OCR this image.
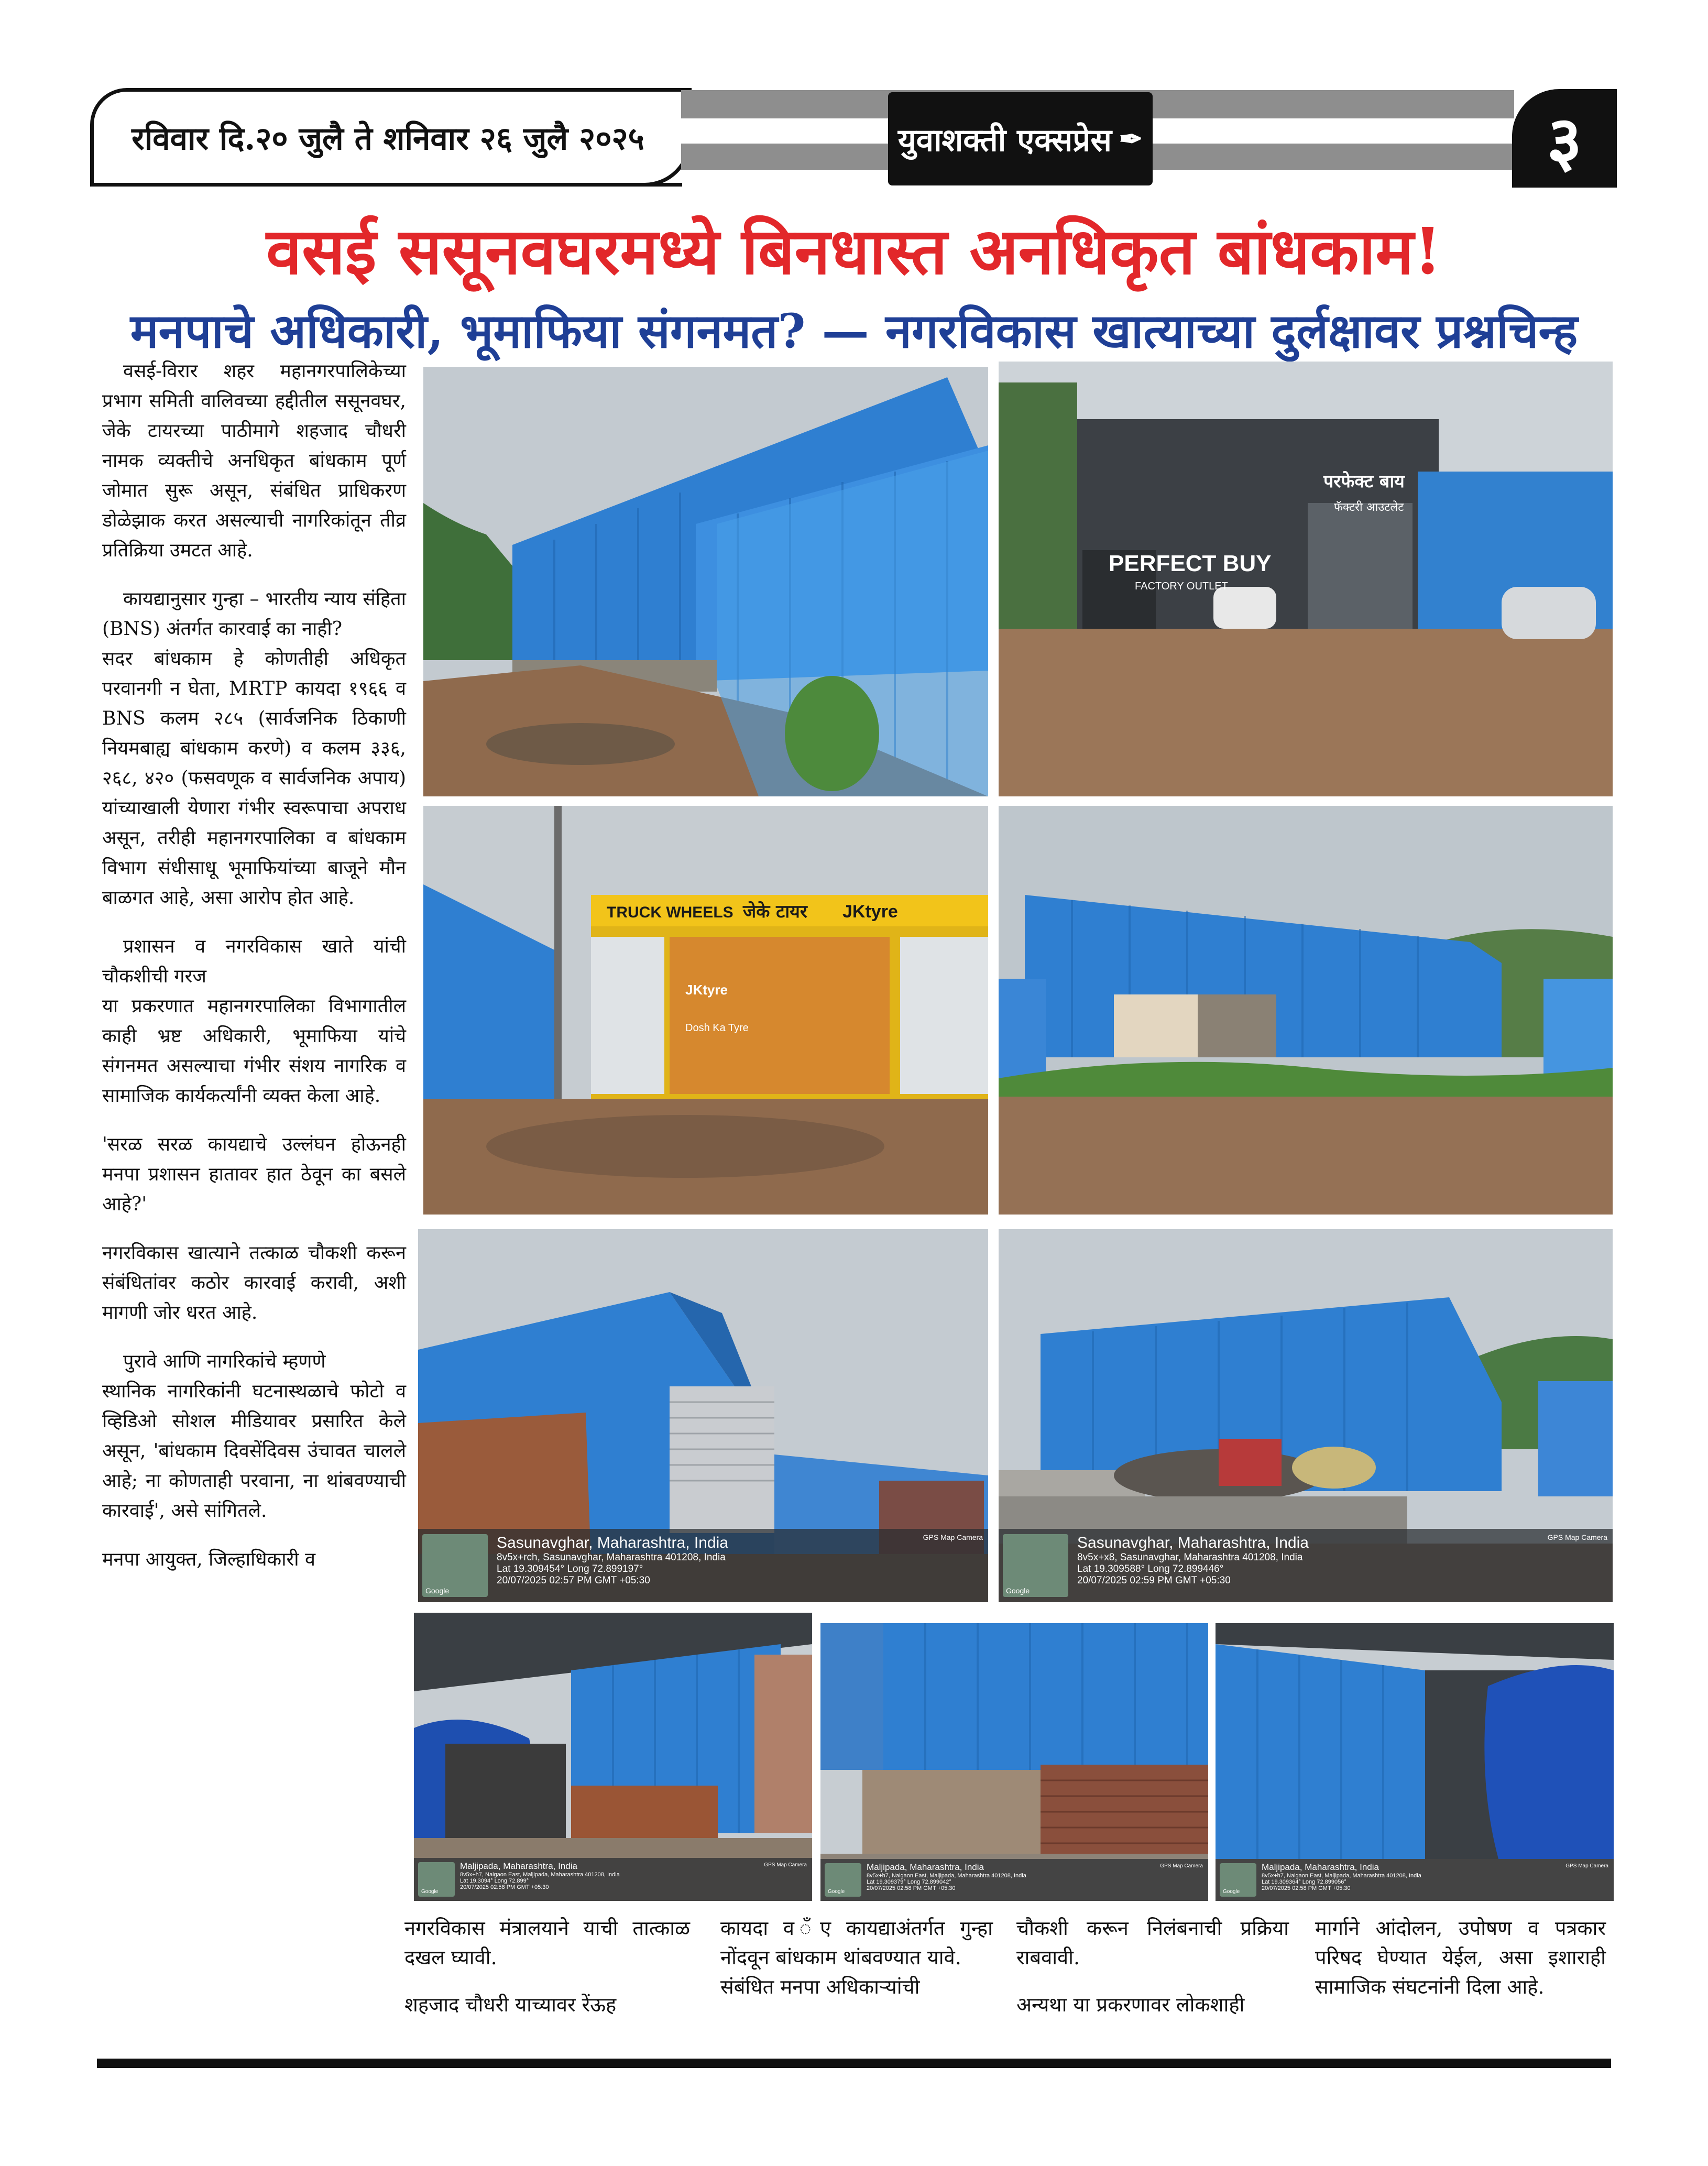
रविवार दि.२० जुलै ते शनिवार २६ जुलै २०२५	युवाशक्ती एक्सप्रेस ✒	३
वसई ससूनवघरमध्ये बिनधास्त अनधिकृत बांधकाम!
मनपाचे अधिकारी, भूमाफिया संगनमत? — नगरविकास खात्याच्या दुर्लक्षावर प्रश्नचिन्ह

वसई-विरार शहर महानगरपालिकेच्या प्रभाग समिती वालिवच्या हद्दीतील ससूनवघर, जेके टायरच्या पाठीमागे शहजाद चौधरी नामक व्यक्तीचे अनधिकृत बांधकाम पूर्ण जोमात सुरू असून, संबंधित प्राधिकरण डोळेझाक करत असल्याची नागरिकांतून तीव्र प्रतिक्रिया उमटत आहे.

कायद्यानुसार गुन्हा – भारतीय न्याय संहिता (BNS) अंतर्गत कारवाई का नाही?

सदर बांधकाम हे कोणतीही अधिकृत परवानगी न घेता, MRTP कायदा १९६६ व BNS कलम २८५ (सार्वजनिक ठिकाणी नियमबाह्य बांधकाम करणे) व कलम ३३६, २६८, ४२० (फसवणूक व सार्वजनिक अपाय) यांच्याखाली येणारा गंभीर स्वरूपाचा अपराध असून, तरीही महानगरपालिका व बांधकाम विभाग संधीसाधू भूमाफियांच्या बाजूने मौन बाळगत आहे, असा आरोप होत आहे.

प्रशासन व नगरविकास खाते यांची चौकशीची गरज

या प्रकरणात महानगरपालिका विभागातील काही भ्रष्ट अधिकारी, भूमाफिया यांचे संगनमत असल्याचा गंभीर संशय नागरिक व सामाजिक कार्यकर्त्यांनी व्यक्त केला आहे.

'सरळ सरळ कायद्याचे उल्लंघन होऊनही मनपा प्रशासन हातावर हात ठेवून का बसले आहे?'

नगरविकास खात्याने तत्काळ चौकशी करून संबंधितांवर कठोर कारवाई करावी, अशी मागणी जोर धरत आहे.

पुरावे आणि नागरिकांचे म्हणणे

स्थानिक नागरिकांनी घटनास्थळाचे फोटो व व्हिडिओ सोशल मीडियावर प्रसारित केले असून, 'बांधकाम दिवसेंदिवस उंचावत चालले आहे; ना कोणताही परवाना, ना थांबवण्याची कारवाई', असे सांगितले.

मनपा आयुक्त, जिल्हाधिकारी व

परफेक्ट बाय
फॅक्टरी आउटलेट
PERFECT BUY
FACTORY OUTLET
TRUCK WHEELS जेके टायर JKtyre
JKtyre
Dosh Ka Tyre
Google
GPS Map Camera
Sasunavghar, Maharashtra, India
8v5x+rch, Sasunavghar, Maharashtra 401208, India
Lat 19.309454° Long 72.899197°
20/07/2025 02:57 PM GMT +05:30
Google
GPS Map Camera
Sasunavghar, Maharashtra, India
8v5x+x8, Sasunavghar, Maharashtra 401208, India
Lat 19.309588° Long 72.899446°
20/07/2025 02:59 PM GMT +05:30
Google
GPS Map Camera
Maljipada, Maharashtra, India
8v5x+h7, Naigaon East, Maljipada, Maharashtra 401208, India
Lat 19.3094° Long 72.899°
20/07/2025 02:58 PM GMT +05:30
Google
GPS Map Camera
Maljipada, Maharashtra, India
8v5x+h7, Naigaon East, Maljipada, Maharashtra 401208, India
Lat 19.309379° Long 72.899042°
20/07/2025 02:58 PM GMT +05:30
Google
GPS Map Camera
Maljipada, Maharashtra, India
8v5x+h7, Naigaon East, Maljipada, Maharashtra 401208, India
Lat 19.309364° Long 72.899056°
20/07/2025 02:58 PM GMT +05:30

नगरविकास मंत्रालयाने याची तात्काळ दखल घ्यावी.

शहजाद चौधरी याच्यावर रेंऊह

कायदा व ँए कायद्याअंतर्गत गुन्हा नोंदवून बांधकाम थांबवण्यात यावे.

संबंधित मनपा अधिकाऱ्यांची

चौकशी करून निलंबनाची प्रक्रिया राबवावी.

अन्यथा या प्रकरणावर लोकशाही

मार्गाने आंदोलन, उपोषण व पत्रकार परिषद घेण्यात येईल, असा इशाराही सामाजिक संघटनांनी दिला आहे.
